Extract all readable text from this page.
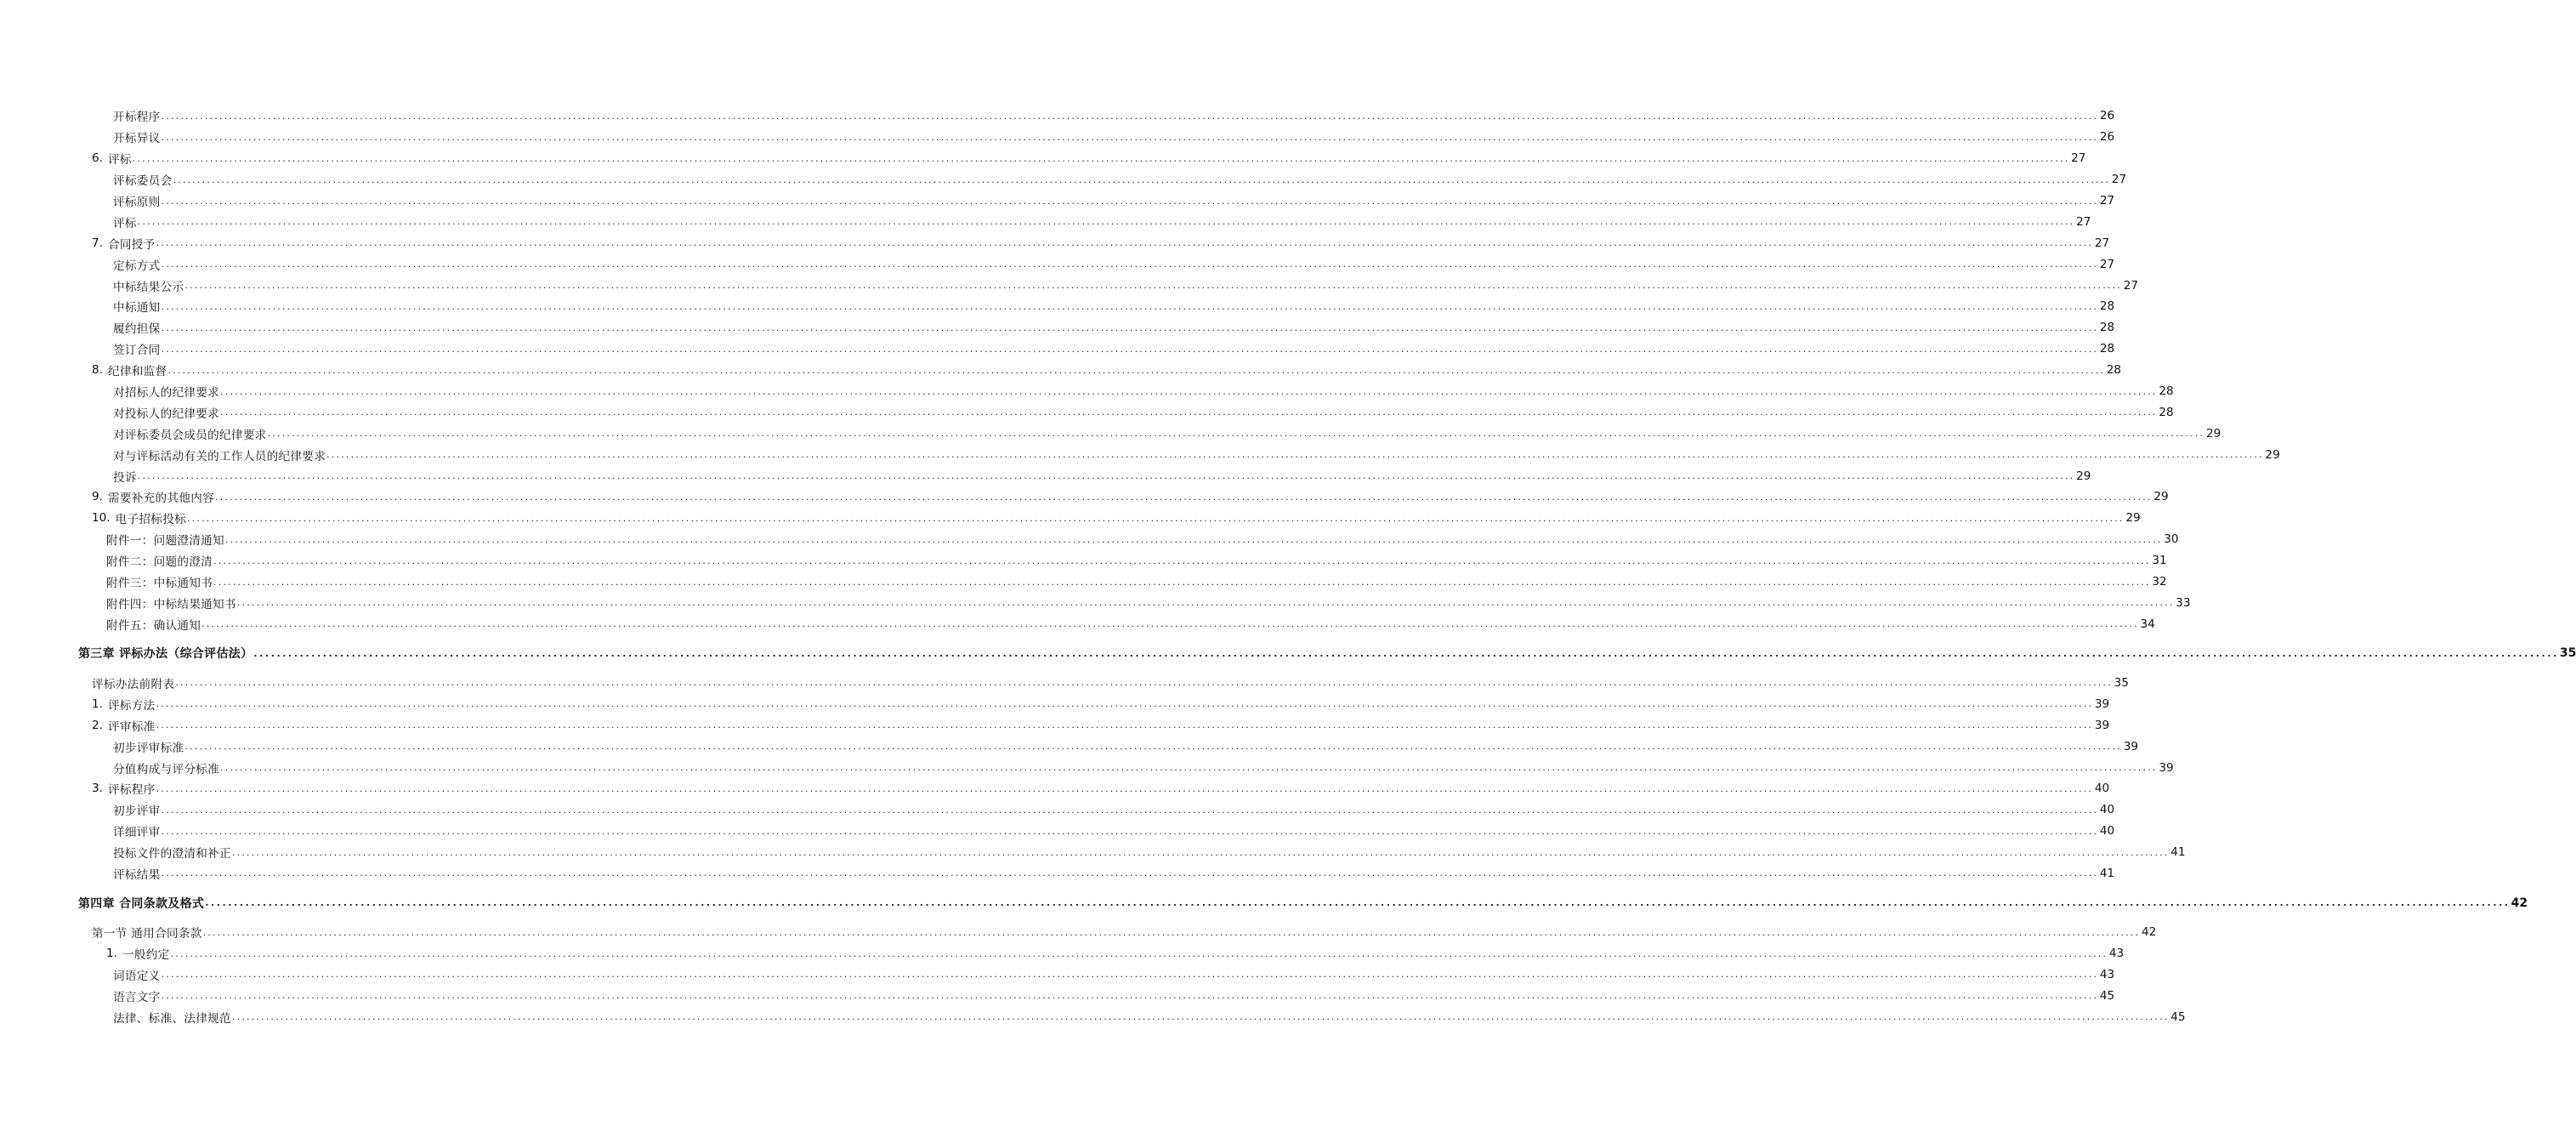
开标程序 ................................................................................................................................................................................................................................................................................................................................................................................................................ 26
开标异议 ................................................................................................................................................................................................................................................................................................................................................................................................................ 26
6. 评标 ................................................................................................................................................................................................................................................................................................................................................................................................................ 27
评标委员会 ................................................................................................................................................................................................................................................................................................................................................................................................................ 27
评标原则 ................................................................................................................................................................................................................................................................................................................................................................................................................ 27
评标 ................................................................................................................................................................................................................................................................................................................................................................................................................ 27
7. 合同授予 ................................................................................................................................................................................................................................................................................................................................................................................................................ 27
定标方式 ................................................................................................................................................................................................................................................................................................................................................................................................................ 27
中标结果公示 ................................................................................................................................................................................................................................................................................................................................................................................................................ 27
中标通知 ................................................................................................................................................................................................................................................................................................................................................................................................................ 28
履约担保 ................................................................................................................................................................................................................................................................................................................................................................................................................ 28
签订合同 ................................................................................................................................................................................................................................................................................................................................................................................................................ 28
8. 纪律和监督 ................................................................................................................................................................................................................................................................................................................................................................................................................ 28
对招标人的纪律要求 ................................................................................................................................................................................................................................................................................................................................................................................................................ 28
对投标人的纪律要求 ................................................................................................................................................................................................................................................................................................................................................................................................................ 28
对评标委员会成员的纪律要求 ................................................................................................................................................................................................................................................................................................................................................................................................................ 29
对与评标活动有关的工作人员的纪律要求 ................................................................................................................................................................................................................................................................................................................................................................................................................ 29
投诉 ................................................................................................................................................................................................................................................................................................................................................................................................................ 29
9. 需要补充的其他内容 ................................................................................................................................................................................................................................................................................................................................................................................................................ 29
10. 电子招标投标 ................................................................................................................................................................................................................................................................................................................................................................................................................ 29
附件一：问题澄清通知 ................................................................................................................................................................................................................................................................................................................................................................................................................ 30
附件二：问题的澄清 ................................................................................................................................................................................................................................................................................................................................................................................................................ 31
附件三：中标通知书 ................................................................................................................................................................................................................................................................................................................................................................................................................ 32
附件四：中标结果通知书 ................................................................................................................................................................................................................................................................................................................................................................................................................ 33
附件五：确认通知 ................................................................................................................................................................................................................................................................................................................................................................................................................ 34
第三章 评标办法（综合评估法） ................................................................................................................................................................................................................................................................................................................................................................................................................ 35
评标办法前附表 ................................................................................................................................................................................................................................................................................................................................................................................................................ 35
1. 评标方法 ................................................................................................................................................................................................................................................................................................................................................................................................................ 39
2. 评审标准 ................................................................................................................................................................................................................................................................................................................................................................................................................ 39
初步评审标准 ................................................................................................................................................................................................................................................................................................................................................................................................................ 39
分值构成与评分标准 ................................................................................................................................................................................................................................................................................................................................................................................................................ 39
3. 评标程序 ................................................................................................................................................................................................................................................................................................................................................................................................................ 40
初步评审 ................................................................................................................................................................................................................................................................................................................................................................................................................ 40
详细评审 ................................................................................................................................................................................................................................................................................................................................................................................................................ 40
投标文件的澄清和补正 ................................................................................................................................................................................................................................................................................................................................................................................................................ 41
评标结果 ................................................................................................................................................................................................................................................................................................................................................................................................................ 41
第四章 合同条款及格式 ................................................................................................................................................................................................................................................................................................................................................................................................................ 42
第一节 通用合同条款 ................................................................................................................................................................................................................................................................................................................................................................................................................ 42
1. 一般约定 ................................................................................................................................................................................................................................................................................................................................................................................................................ 43
词语定义 ................................................................................................................................................................................................................................................................................................................................................................................................................ 43
语言文字 ................................................................................................................................................................................................................................................................................................................................................................................................................ 45
法律、标准、法律规范 ................................................................................................................................................................................................................................................................................................................................................................................................................ 45
